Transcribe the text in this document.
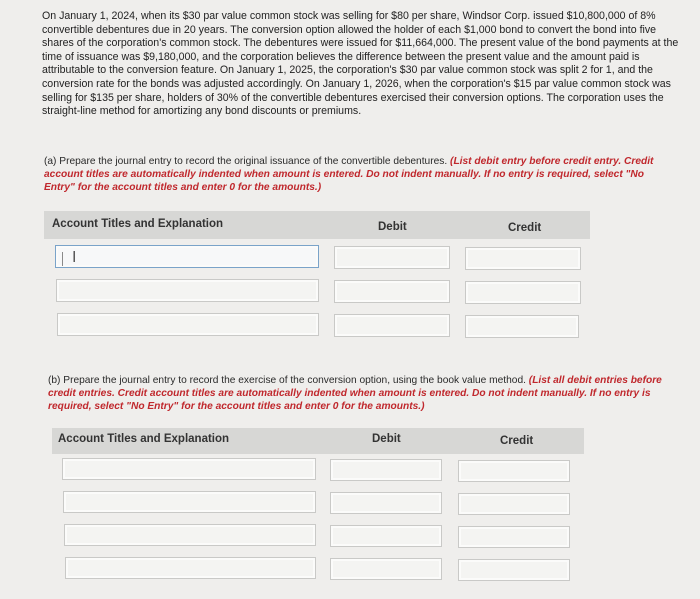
On January 1, 2024, when its $30 par value common stock was selling for $80 per share, Windsor Corp. issued $10,800,000 of 8% convertible debentures due in 20 years. The conversion option allowed the holder of each $1,000 bond to convert the bond into five shares of the corporation's common stock. The debentures were issued for $11,664,000. The present value of the bond payments at the time of issuance was $9,180,000, and the corporation believes the difference between the present value and the amount paid is attributable to the conversion feature. On January 1, 2025, the corporation's $30 par value common stock was split 2 for 1, and the conversion rate for the bonds was adjusted accordingly. On January 1, 2026, when the corporation's $15 par value common stock was selling for $135 per share, holders of 30% of the convertible debentures exercised their conversion options. The corporation uses the straight-line method for amortizing any bond discounts or premiums.
(a) Prepare the journal entry to record the original issuance of the convertible debentures. (List debit entry before credit entry. Credit account titles are automatically indented when amount is entered. Do not indent manually. If no entry is required, select "No Entry" for the account titles and enter 0 for the amounts.)
Account Titles and Explanation	Debit	Credit
I
(b) Prepare the journal entry to record the exercise of the conversion option, using the book value method. (List all debit entries before credit entries. Credit account titles are automatically indented when amount is entered. Do not indent manually. If no entry is required, select "No Entry" for the account titles and enter 0 for the amounts.)
Account Titles and Explanation	Debit	Credit
